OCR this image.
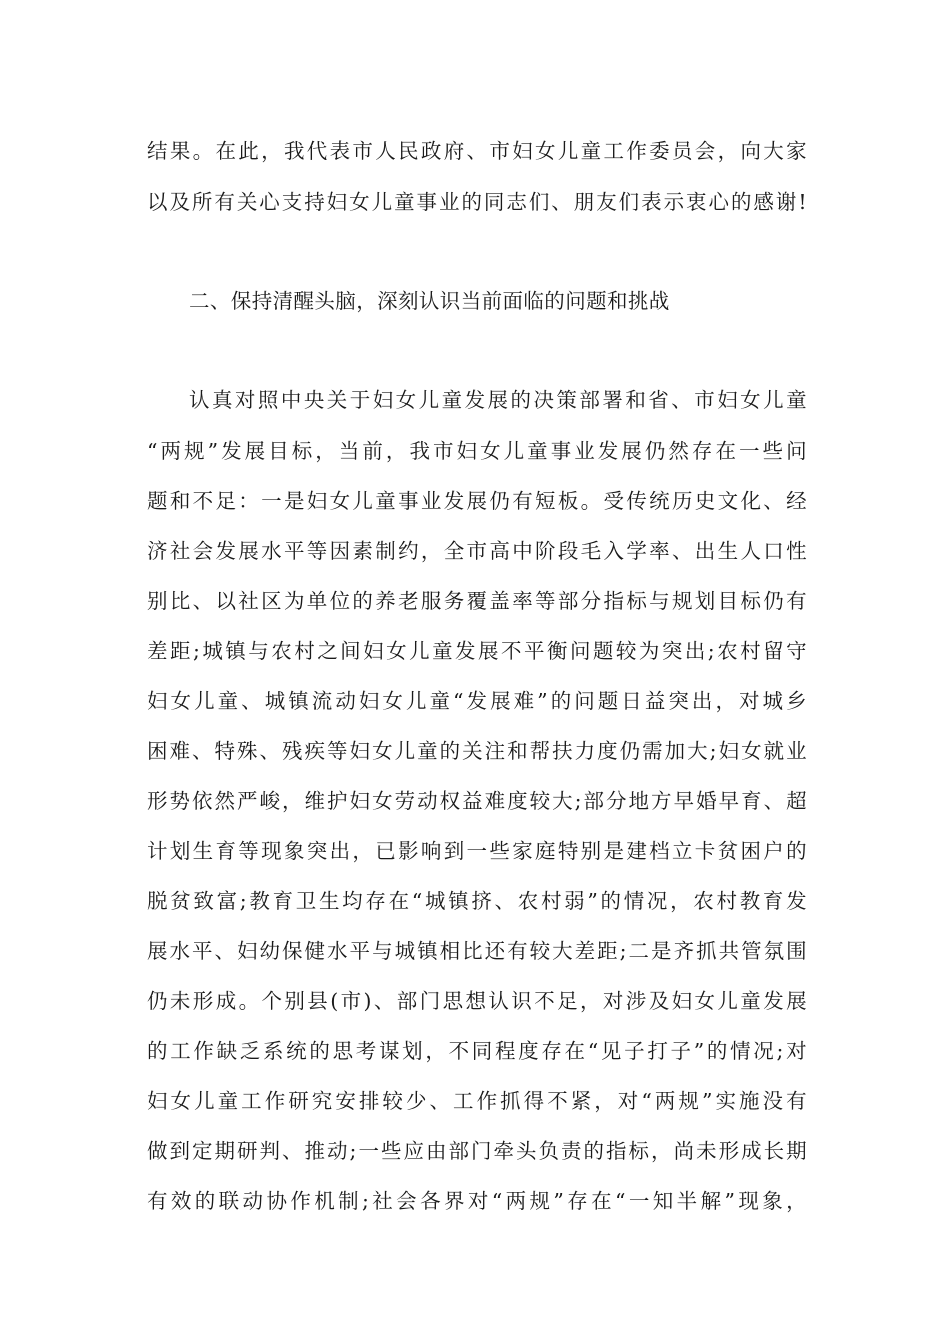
结果。在此，我代表市人民政府、市妇女儿童工作委员会，向大家
以及所有关心支持妇女儿童事业的同志们、朋友们表示衷心的感谢!
二、保持清醒头脑，深刻认识当前面临的问题和挑战
认真对照中央关于妇女儿童发展的决策部署和省、市妇女儿童
“两规”发展目标，当前，我市妇女儿童事业发展仍然存在一些问
题和不足：一是妇女儿童事业发展仍有短板。受传统历史文化、经
济社会发展水平等因素制约，全市高中阶段毛入学率、出生人口性
别比、以社区为单位的养老服务覆盖率等部分指标与规划目标仍有
差距;城镇与农村之间妇女儿童发展不平衡问题较为突出;农村留守
妇女儿童、城镇流动妇女儿童“发展难”的问题日益突出，对城乡
困难、特殊、残疾等妇女儿童的关注和帮扶力度仍需加大;妇女就业
形势依然严峻，维护妇女劳动权益难度较大;部分地方早婚早育、超
计划生育等现象突出，已影响到一些家庭特别是建档立卡贫困户的
脱贫致富;教育卫生均存在“城镇挤、农村弱”的情况，农村教育发
展水平、妇幼保健水平与城镇相比还有较大差距;二是齐抓共管氛围
仍未形成。个别县(市)、部门思想认识不足，对涉及妇女儿童发展
的工作缺乏系统的思考谋划，不同程度存在“见子打子”的情况;对
妇女儿童工作研究安排较少、工作抓得不紧，对“两规”实施没有
做到定期研判、推动;一些应由部门牵头负责的指标，尚未形成长期
有效的联动协作机制;社会各界对“两规”存在“一知半解”现象，
